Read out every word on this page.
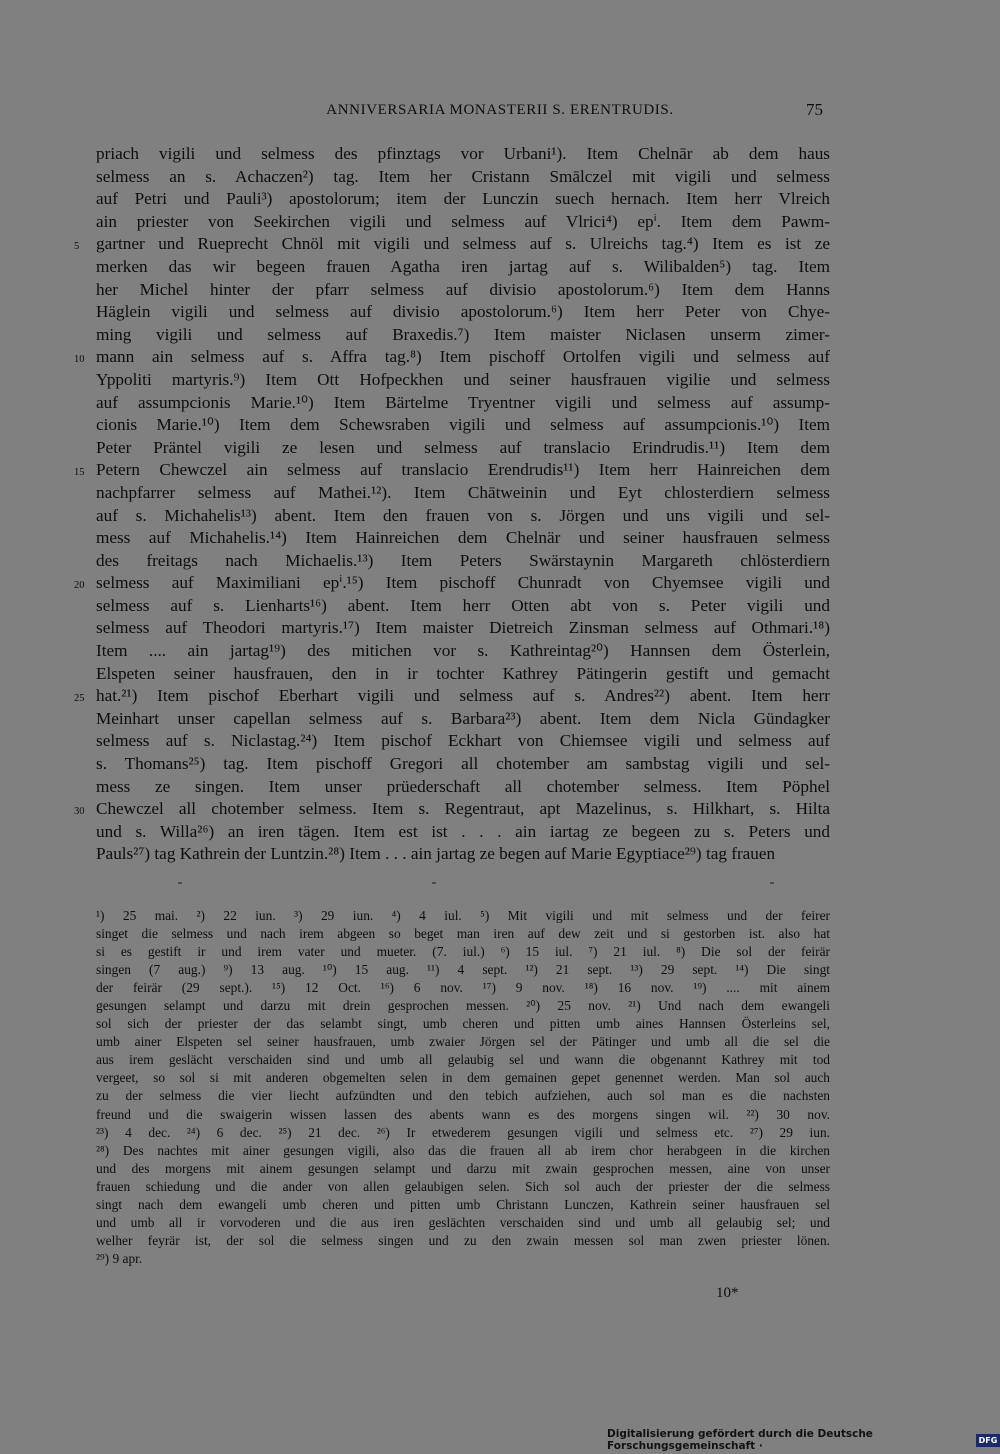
ANNIVERSARIA MONASTERII S. ERENTRUDIS.	75
priach vigili und selmess des pfinztags vor Urbani¹). Item Chelnār ab dem haus
selmess an s. Achaczen²) tag. Item her Cristann Smālczel mit vigili und selmess
auf Petri und Pauli³) apostolorum; item der Lunczin suech hernach. Item herr Vlreich
ain priester von Seekirchen vigili und selmess auf Vlrici⁴) epⁱ. Item dem Pawm-
gartner und Rueprecht Chnöl mit vigili und selmess auf s. Ulreichs tag.⁴) Item es ist ze
5
merken das wir begeen frauen Agatha iren jartag auf s. Wilibalden⁵) tag. Item
her Michel hinter der pfarr selmess auf divisio apostolorum.⁶) Item dem Hanns
Häglein vigili und selmess auf divisio apostolorum.⁶) Item herr Peter von Chye-
ming vigili und selmess auf Braxedis.⁷) Item maister Niclasen unserm zimer-
mann ain selmess auf s. Affra tag.⁸) Item pischoff Ortolfen vigili und selmess auf
10
Yppoliti martyris.⁹) Item Ott Hofpeckhen und seiner hausfrauen vigilie und selmess
auf assumpcionis Marie.¹⁰) Item Bärtelme Tryentner vigili und selmess auf assump-
cionis Marie.¹⁰) Item dem Schewsraben vigili und selmess auf assumpcionis.¹⁰) Item
Peter Präntel vigili ze lesen und selmess auf translacio Erindrudis.¹¹) Item dem
Petern Chewczel ain selmess auf translacio Erendrudis¹¹) Item herr Hainreichen dem
15
nachpfarrer selmess auf Mathei.¹²). Item Chātweinin und Eyt chlosterdiern selmess
auf s. Michahelis¹³) abent. Item den frauen von s. Jörgen und uns vigili und sel-
mess auf Michahelis.¹⁴) Item Hainreichen dem Chelnär und seiner hausfrauen selmess
des freitags nach Michaelis.¹³) Item Peters Swärstaynin Margareth chlösterdiern
selmess auf Maximiliani epⁱ.¹⁵) Item pischoff Chunradt von Chyemsee vigili und
20
selmess auf s. Lienharts¹⁶) abent. Item herr Otten abt von s. Peter vigili und
selmess auf Theodori martyris.¹⁷) Item maister Dietreich Zinsman selmess auf Othmari.¹⁸)
Item .... ain jartag¹⁹) des mitichen vor s. Kathreintag²⁰) Hannsen dem Österlein,
Elspeten seiner hausfrauen, den in ir tochter Kathrey Pätingerin gestift und gemacht
hat.²¹) Item pischof Eberhart vigili und selmess auf s. Andres²²) abent. Item herr
25
Meinhart unser capellan selmess auf s. Barbara²³) abent. Item dem Nicla Gündagker
selmess auf s. Niclastag.²⁴) Item pischof Eckhart von Chiemsee vigili und selmess auf
s. Thomans²⁵) tag. Item pischoff Gregori all chotember am sambstag vigili und sel-
mess ze singen. Item unser prüederschaft all chotember selmess. Item Pöphel
Chewczel all chotember selmess. Item s. Regentraut, apt Mazelinus, s. Hilkhart, s. Hilta
30
und s. Willa²⁶) an iren tägen. Item est ist . . . ain iartag ze begeen zu s. Peters und
Pauls²⁷) tag Kathrein der Luntzin.²⁸) Item . . . ain jartag ze begen auf Marie Egyptiace²⁹) tag frauen
¹) 25 mai. ²) 22 iun. ³) 29 iun. ⁴) 4 iul. ⁵) Mit vigili und mit selmess und der feirer
singet die selmess und nach irem abgeen so beget man iren auf dew zeit und si gestorben ist. also hat
si es gestift ir und irem vater und mueter. (7. iul.) ⁶) 15 iul. ⁷) 21 iul. ⁸) Die sol der feirär
singen (7 aug.) ⁹) 13 aug. ¹⁰) 15 aug. ¹¹) 4 sept. ¹²) 21 sept. ¹³) 29 sept. ¹⁴) Die singt
der feirär (29 sept.). ¹⁵) 12 Oct. ¹⁶) 6 nov. ¹⁷) 9 nov. ¹⁸) 16 nov. ¹⁹) .... mit ainem
gesungen selampt und darzu mit drein gesprochen messen. ²⁰) 25 nov. ²¹) Und nach dem ewangeli
sol sich der priester der das selambt singt, umb cheren und pitten umb aines Hannsen Österleins sel,
umb ainer Elspeten sel seiner hausfrauen, umb zwaier Jörgen sel der Pätinger und umb all die sel die
aus irem geslächt verschaiden sind und umb all gelaubig sel und wann die obgenannt Kathrey mit tod
vergeet, so sol si mit anderen obgemelten selen in dem gemainen gepet genennet werden. Man sol auch
zu der selmess die vier liecht aufzündten und den tebich aufziehen, auch sol man es die nachsten
freund und die swaigerin wissen lassen des abents wann es des morgens singen wil. ²²) 30 nov.
²³) 4 dec. ²⁴) 6 dec. ²⁵) 21 dec. ²⁶) Ir etwederem gesungen vigili und selmess etc. ²⁷) 29 iun.
²⁸) Des nachtes mit ainer gesungen vigili, also das die frauen all ab irem chor herabgeen in die kirchen
und des morgens mit ainem gesungen selampt und darzu mit zwain gesprochen messen, aine von unser
frauen schiedung und die ander von allen gelaubigen selen. Sich sol auch der priester der die selmess
singt nach dem ewangeli umb cheren und pitten umb Christann Lunczen, Kathrein seiner hausfrauen sel
und umb all ir vorvoderen und die aus iren geslächten verschaiden sind und umb all gelaubig sel; und
welher feyrär ist, der sol die selmess singen und zu den zwain messen sol man zwen priester lönen.
²⁹) 9 apr.
10*
Digitalisierung gefördert durch die Deutsche Forschungsgemeinschaft ·	DFG
